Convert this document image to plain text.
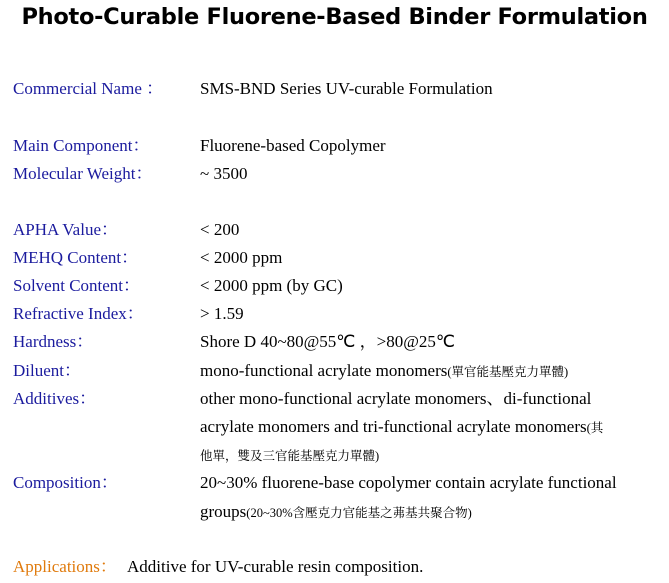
Photo-Curable Fluorene-Based Binder Formulation
Commercial Name ： SMS-BND Series UV-curable Formulation
Main Component：	Fluorene-based Copolymer
Molecular Weight：	~ 3500
APHA Value：	< 200
MEHQ Content：	< 2000 ppm
Solvent Content：	< 2000 ppm (by GC)
Refractive Index：	> 1.59
Hardness：	Shore D 40~80@55℃ ，>80@25℃
Diluent：	mono-functional acrylate monomers(單官能基壓克力單體)
Additives：	other mono-functional acrylate monomers、di-functional
acrylate monomers and tri-functional acrylate monomers(其
他單，雙及三官能基壓克力單體)
Composition：	20~30% fluorene-base copolymer contain acrylate functional
groups(20~30%含壓克力官能基之茀基共聚合物)
Applications： Additive for UV-curable resin composition.
